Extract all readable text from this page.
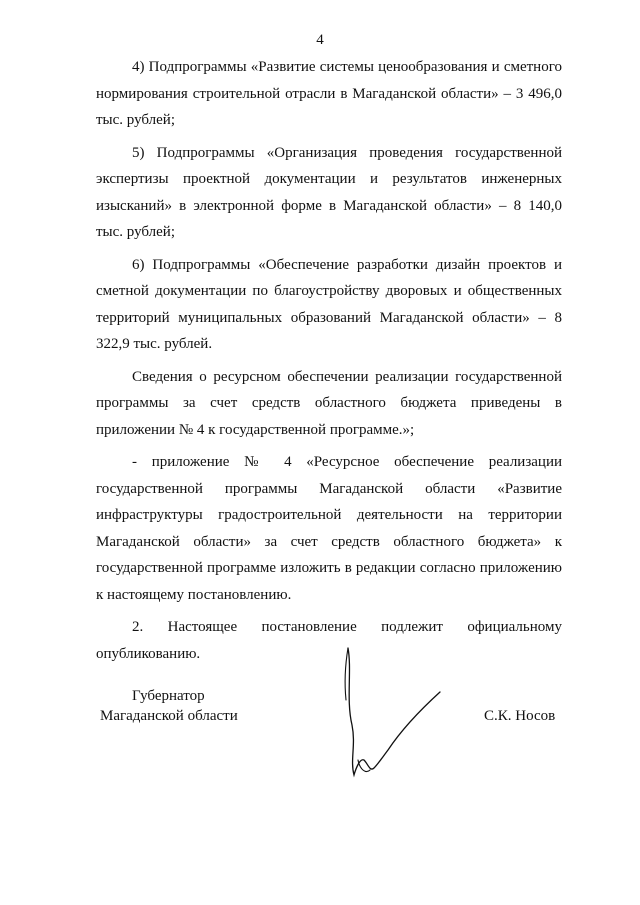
4

4) Подпрограммы «Развитие системы ценообразования и сметного нормирования строительной отрасли в Магаданской области» – 3 496,0 тыс. рублей;

5) Подпрограммы «Организация проведения государственной экспертизы проектной документации и результатов инженерных изысканий» в электронной форме в Магаданской области» – 8 140,0 тыс. рублей;

6) Подпрограммы «Обеспечение разработки дизайн проектов и сметной документации по благоустройству дворовых и общественных территорий муниципальных образований Магаданской области» – 8 322,9 тыс. рублей.

Сведения о ресурсном обеспечении реализации государственной программы за счет средств областного бюджета приведены в приложении № 4 к государственной программе.»;

- приложение № 4 «Ресурсное обеспечение реализации государственной программы Магаданской области «Развитие инфраструктуры градостроительной деятельности на территории Магаданской области» за счет средств областного бюджета» к государственной программе изложить в редакции согласно приложению к настоящему постановлению.

2. Настоящее постановление подлежит официальному опубликованию.

Губернатор
Магаданской области	С.К. Носов
